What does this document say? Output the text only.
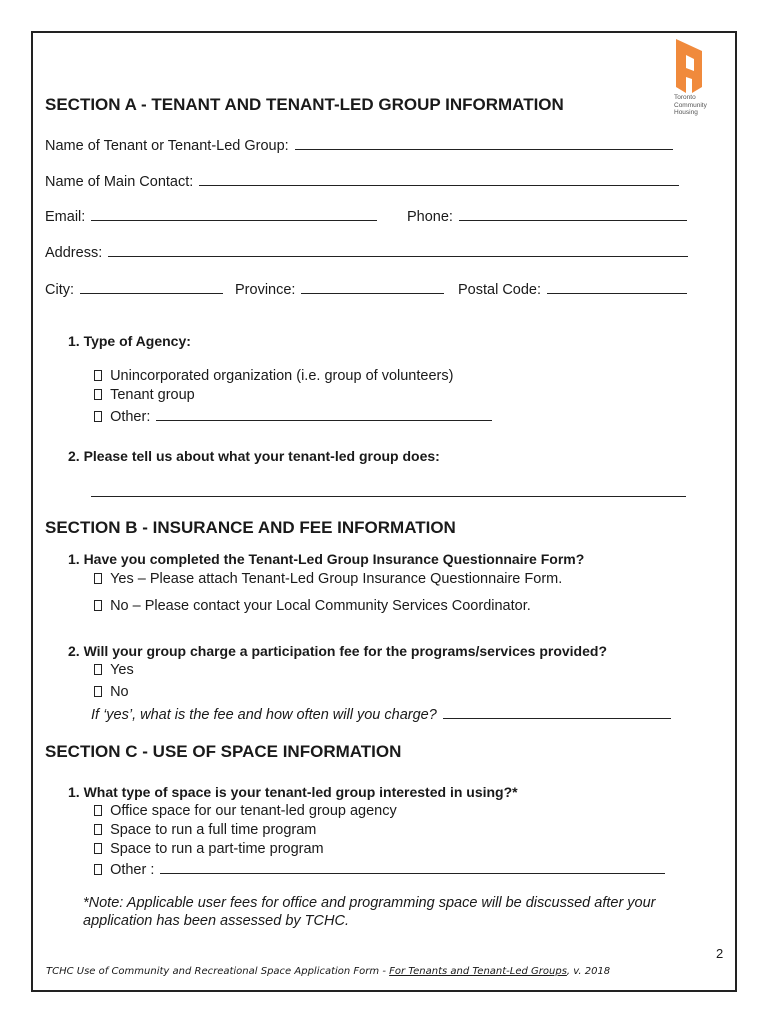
Toronto
Community
Housing
SECTION A - TENANT AND TENANT-LED GROUP INFORMATION
Name of Tenant or Tenant-Led Group:
Name of Main Contact:
Email:	Phone:
Address:
City:	Province:	Postal Code:
1. Type of Agency:
Unincorporated organization (i.e. group of volunteers)
Tenant group
Other:
2. Please tell us about what your tenant-led group does:
SECTION B - INSURANCE AND FEE INFORMATION
1. Have you completed the Tenant-Led Group Insurance Questionnaire Form?
Yes – Please attach Tenant-Led Group Insurance Questionnaire Form.
No – Please contact your Local Community Services Coordinator.
2. Will your group charge a participation fee for the programs/services provided?
Yes
No
If ‘yes’, what is the fee and how often will you charge?
SECTION C - USE OF SPACE INFORMATION
1. What type of space is your tenant-led group interested in using?*
Office space for our tenant-led group agency
Space to run a full time program
Space to run a part-time program
Other :
*Note: Applicable user fees for office and programming space will be discussed after your
application has been assessed by TCHC.
2
TCHC Use of Community and Recreational Space Application Form - For Tenants and Tenant-Led Groups, v. 2018
